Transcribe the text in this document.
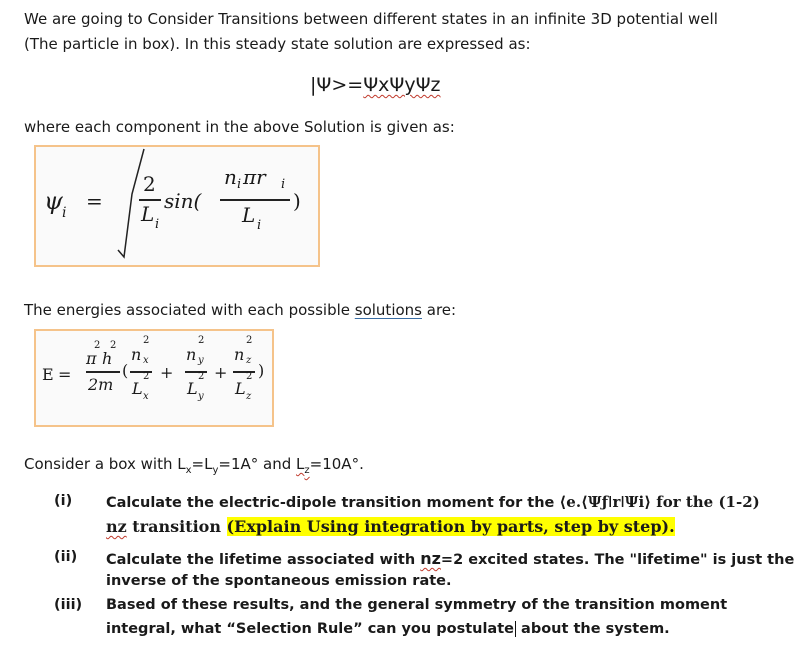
We are going to Consider Transitions between different states in an infinite 3D potential well
(The particle in box). In this steady state solution are expressed as:
|Ψ>=ΨxΨyΨz
where each component in the above Solution is given as:
ψ i =
2
L i
sin(
n i πr i
L i
)
The energies associated with each possible solutions are:
E =
2 2
π h
2m
(
2
n x
2
L x
+
2
n y
2
L y
+
2
n z
2
L z
)
Consider a box with $L_x=L_y=1A^\circ$ and $L_z=10A^\circ$.
(i) Calculate the electric-dipole transition moment for the ⟨e.⟨ΨƒǀrǀΨi⟩ for the (1-2)
nz transition (Explain Using integration by parts, step by step).
(ii) Calculate the lifetime associated with nz=2 excited states. The "lifetime" is just the
inverse of the spontaneous emission rate.
(iii) Based of these results, and the general symmetry of the transition moment
integral, what “Selection Rule” can you postulate about the system.
